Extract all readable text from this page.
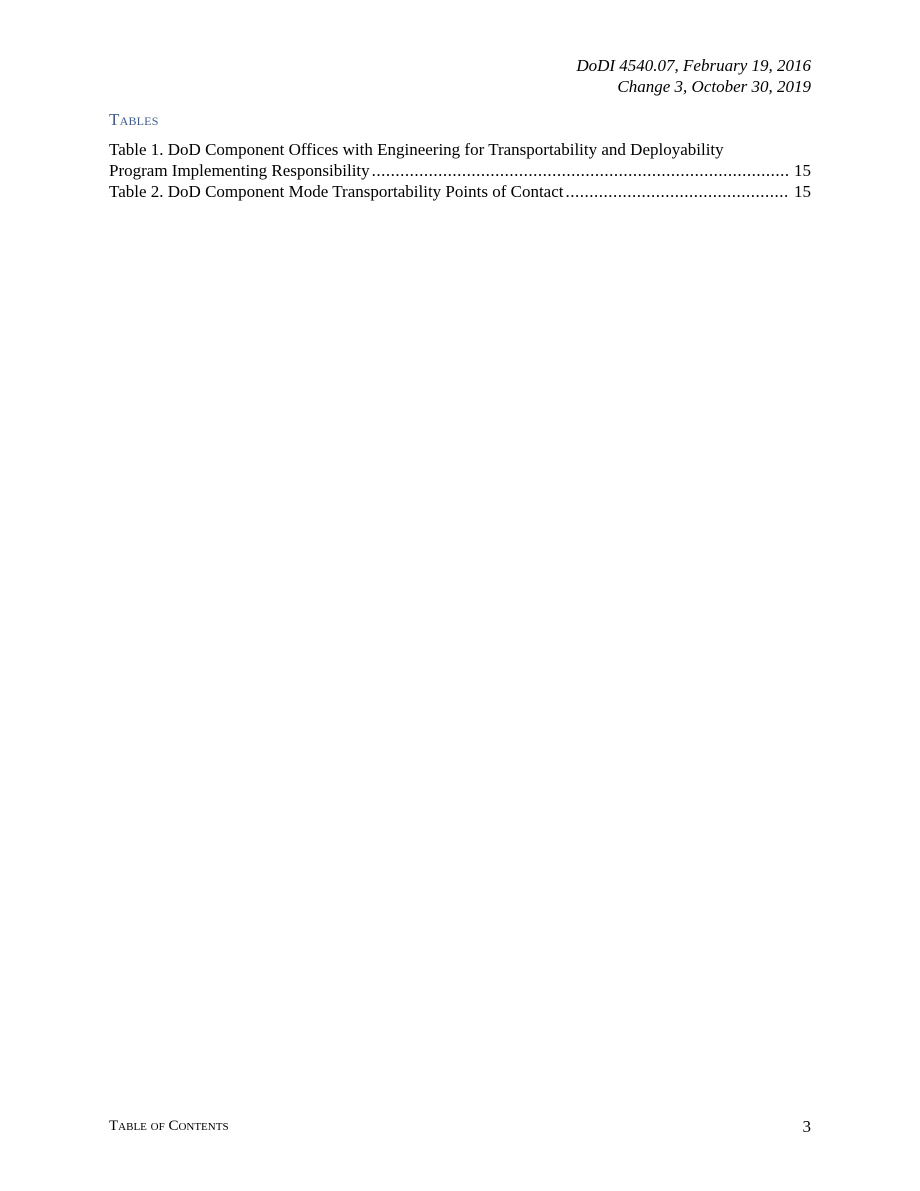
DoDI 4540.07, February 19, 2016
Change 3, October 30, 2019
Tables
Table 1. DoD Component Offices with Engineering for Transportability and Deployability
Program Implementing Responsibility .....	15
Table 2. DoD Component Mode Transportability Points of Contact .....	15
Table of Contents	3
